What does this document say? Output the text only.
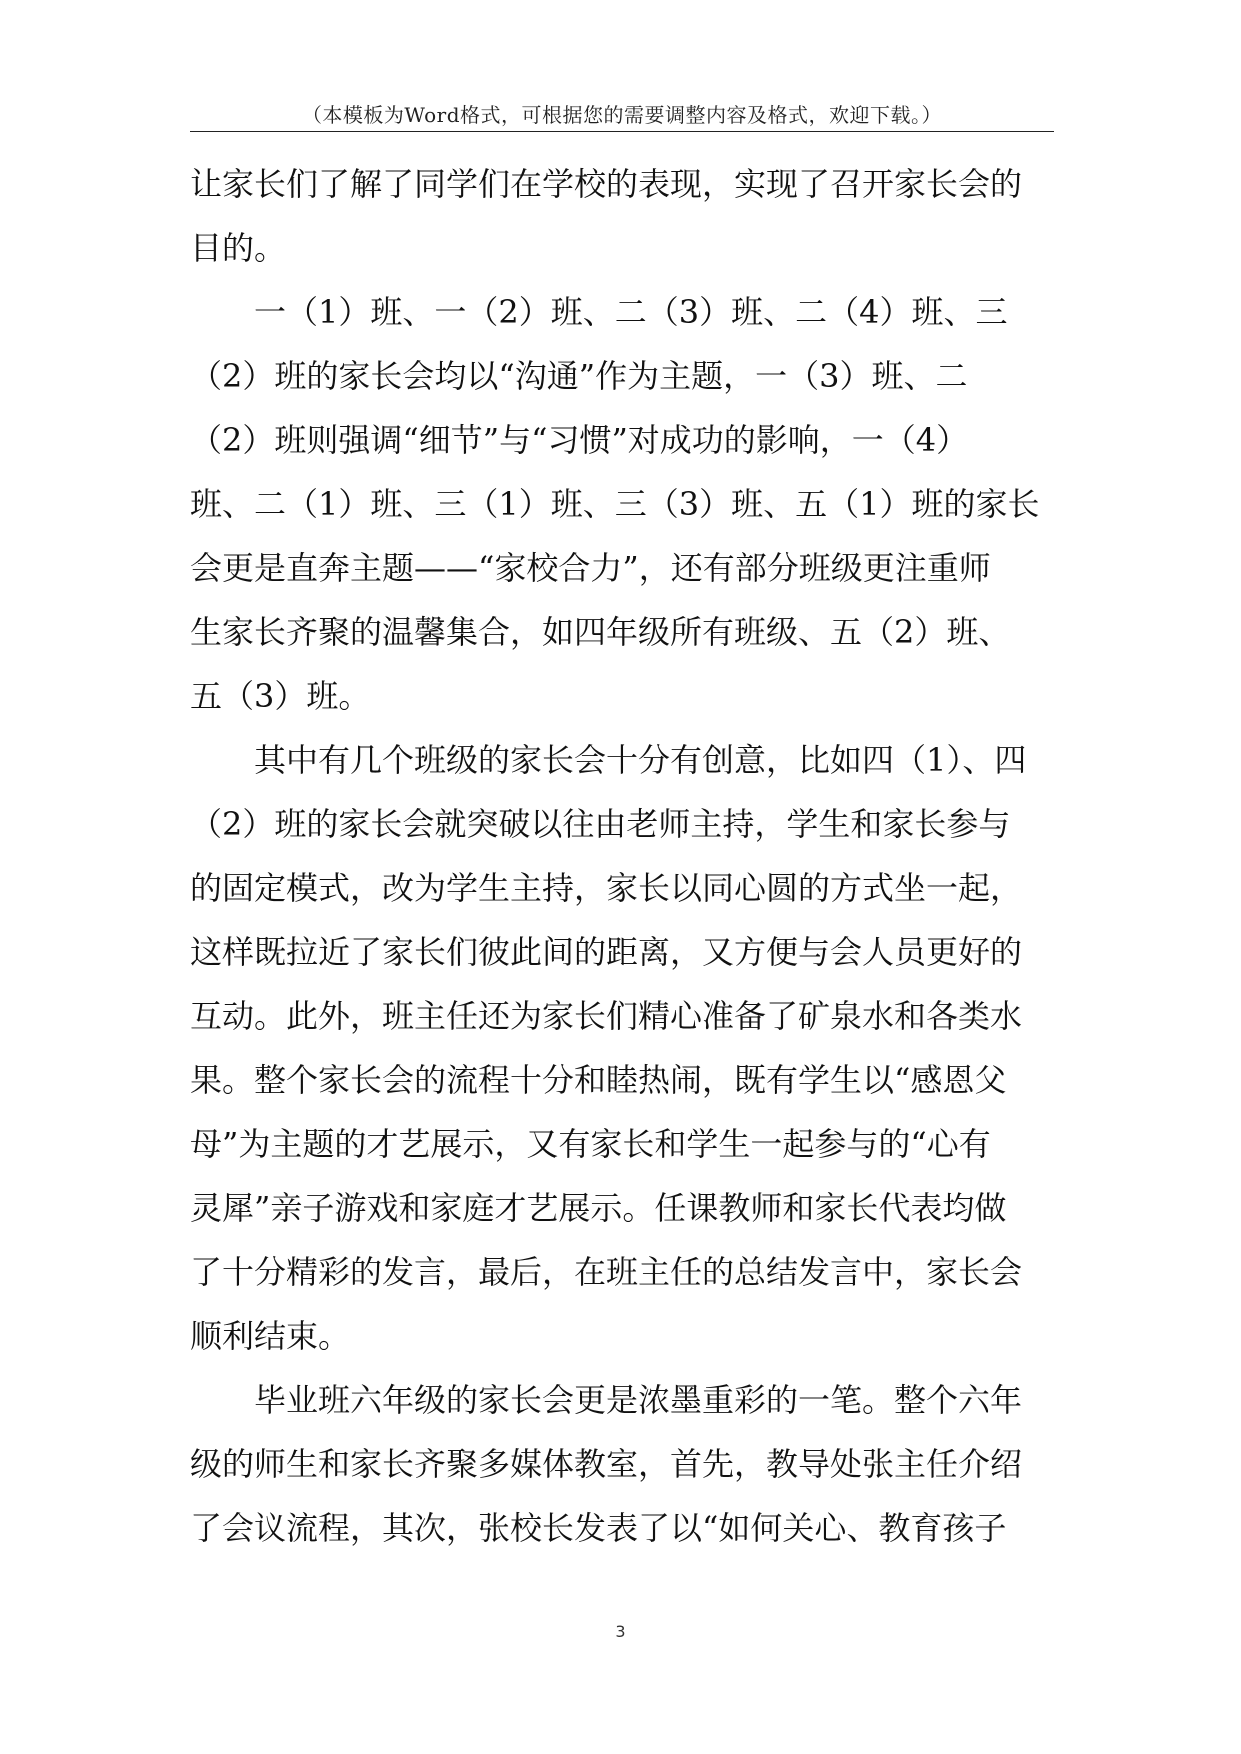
（本模板为Word格式，可根据您的需要调整内容及格式，欢迎下载。）
让家长们了解了同学们在学校的表现，实现了召开家长会的
目的。
一（1）班、一（2）班、二（3）班、二（4）班、三
（2）班的家长会均以“沟通”作为主题，一（3）班、二
（2）班则强调“细节”与“习惯”对成功的影响，一（4）
班、二（1）班、三（1）班、三（3）班、五（1）班的家长
会更是直奔主题——“家校合力”，还有部分班级更注重师
生家长齐聚的温馨集合，如四年级所有班级、五（2）班、
五（3）班。
其中有几个班级的家长会十分有创意，比如四（1）、四
（2）班的家长会就突破以往由老师主持，学生和家长参与
的固定模式，改为学生主持，家长以同心圆的方式坐一起，
这样既拉近了家长们彼此间的距离，又方便与会人员更好的
互动。此外，班主任还为家长们精心准备了矿泉水和各类水
果。整个家长会的流程十分和睦热闹，既有学生以“感恩父
母”为主题的才艺展示，又有家长和学生一起参与的“心有
灵犀”亲子游戏和家庭才艺展示。任课教师和家长代表均做
了十分精彩的发言，最后，在班主任的总结发言中，家长会
顺利结束。
毕业班六年级的家长会更是浓墨重彩的一笔。整个六年
级的师生和家长齐聚多媒体教室，首先，教导处张主任介绍
了会议流程，其次，张校长发表了以“如何关心、教育孩子
3
